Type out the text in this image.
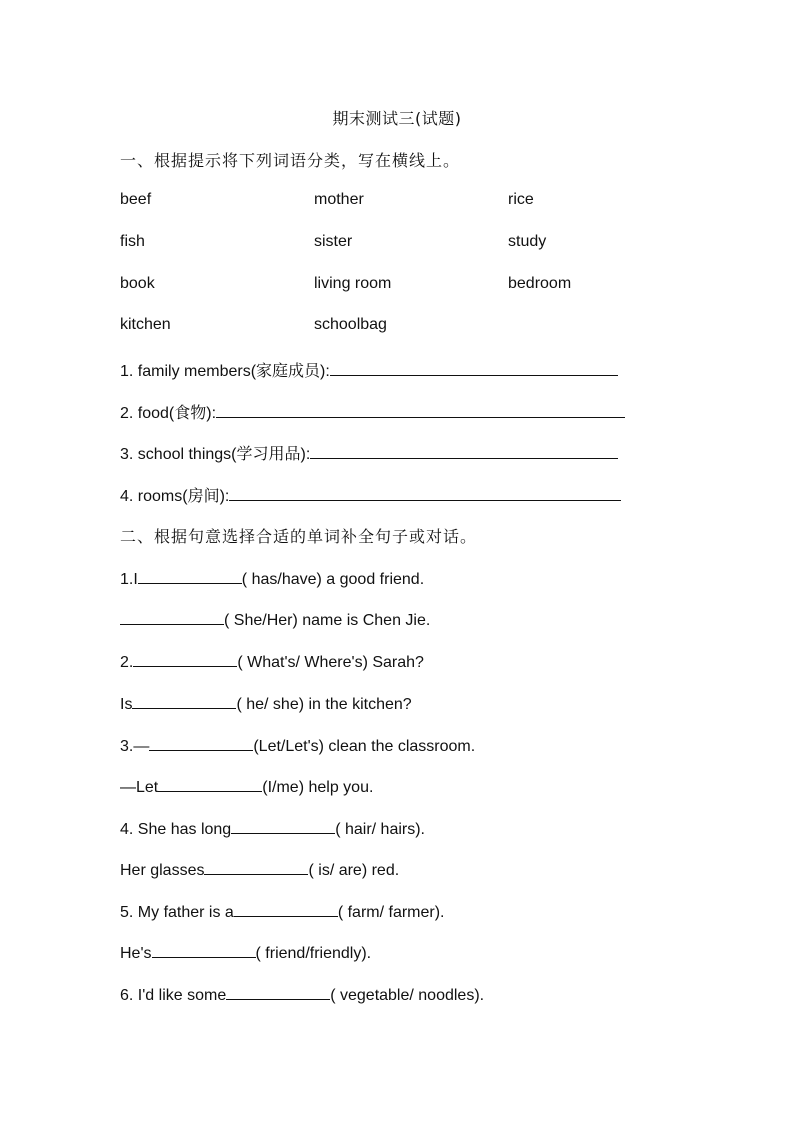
期末测试三(试题)
一、根据提示将下列词语分类，写在横线上。
beef	mother	rice
fish	sister	study
book	living room	bedroom
kitchen	schoolbag
1. family members(家庭成员):
2. food(食物):
3. school things(学习用品):
4. rooms(房间):
二、根据句意选择合适的单词补全句子或对话。
1.I	( has/have) a good friend.
( She/Her) name is Chen Jie.
2.	( What's/ Where's) Sarah?
Is	( he/ she) in the kitchen?
3.—	(Let/Let's) clean the classroom.
—Let	(I/me) help you.
4. She has long	( hair/ hairs).
Her glasses	( is/ are) red.
5. My father is a	( farm/ farmer).
He's	( friend/friendly).
6. I'd like some	( vegetable/ noodles).
